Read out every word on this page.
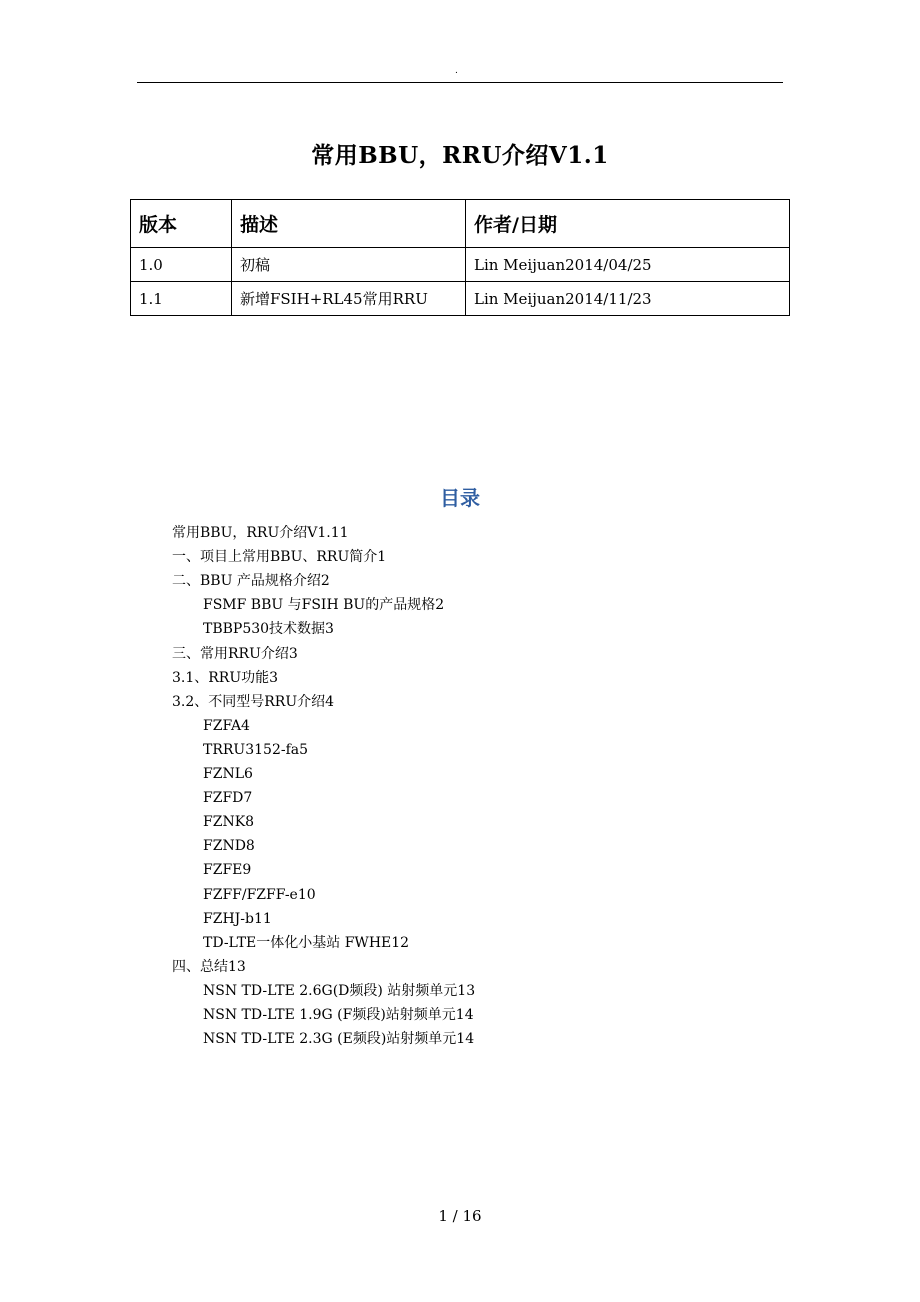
.
常用BBU，RRU介绍V1.1
版本	描述	作者/日期
1.0	初稿	Lin Meijuan2014/04/25
1.1	新增FSIH+RL45常用RRU	Lin Meijuan2014/11/23
目录
常用BBU，RRU介绍V1.11
一、项目上常用BBU、RRU简介1
二、BBU 产品规格介绍2
FSMF BBU 与FSIH BU的产品规格2
TBBP530技术数据3
三、常用RRU介绍3
3.1、RRU功能3
3.2、不同型号RRU介绍4
FZFA4
TRRU3152-fa5
FZNL6
FZFD7
FZNK8
FZND8
FZFE9
FZFF/FZFF-e10
FZHJ-b11
TD-LTE一体化小基站 FWHE12
四、总结13
NSN TD-LTE 2.6G(D频段) 站射频单元13
NSN TD-LTE 1.9G (F频段)站射频单元14
NSN TD-LTE 2.3G (E频段)站射频单元14
1 / 16
